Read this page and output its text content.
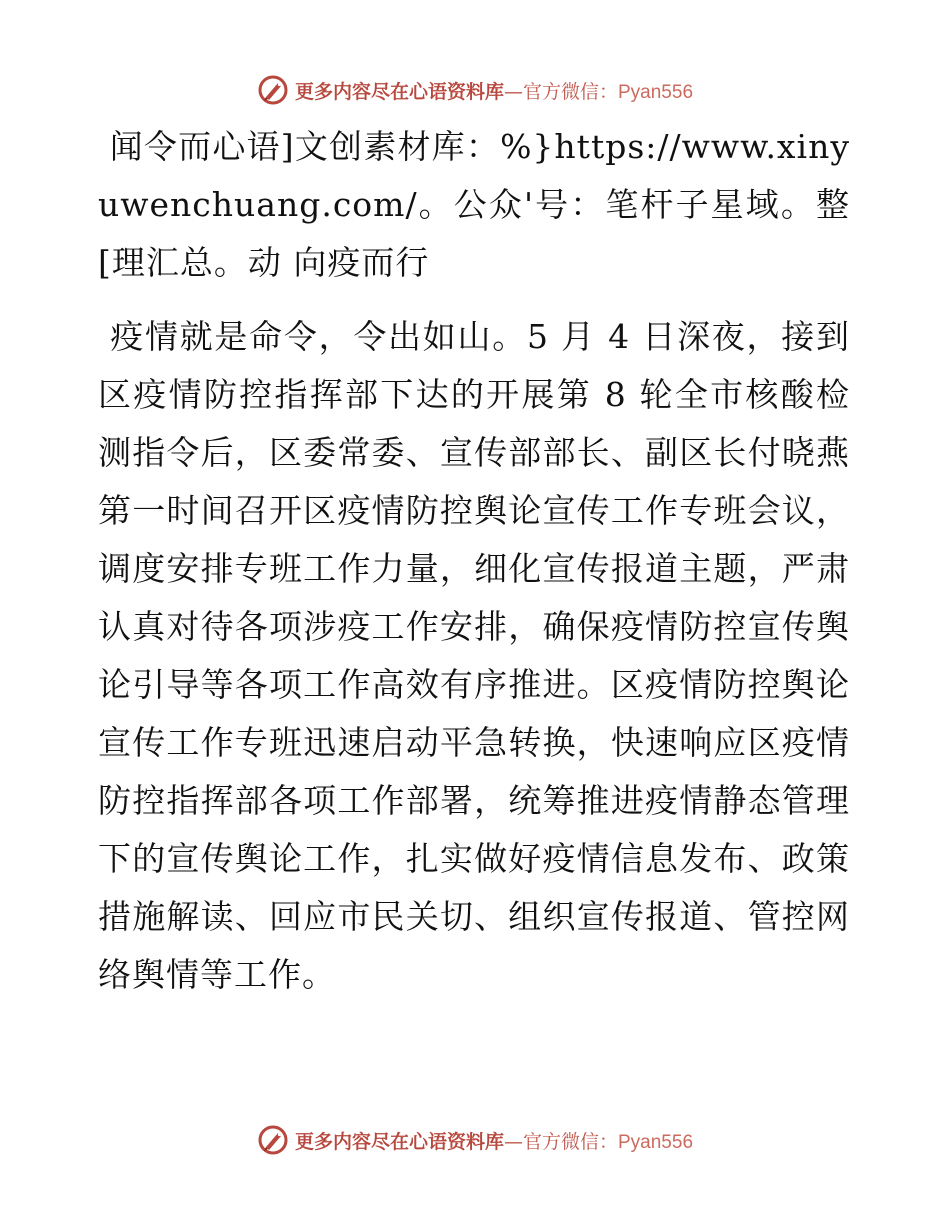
更多内容尽在心语资料库—官方微信：Pyan556

闻令而心语]文创素材库：%}https://www.xinyuwenchuang.com/。公众'号：笔杆子星域。整[理汇总。动 向疫而行

疫情就是命令，令出如山。5 月 4 日深夜，接到区疫情防控指挥部下达的开展第 8 轮全市核酸检测指令后，区委常委、宣传部部长、副区长付晓燕第一时间召开区疫情防控舆论宣传工作专班会议，调度安排专班工作力量，细化宣传报道主题，严肃认真对待各项涉疫工作安排，确保疫情防控宣传舆论引导等各项工作高效有序推进。区疫情防控舆论宣传工作专班迅速启动平急转换，快速响应区疫情防控指挥部各项工作部署，统筹推进疫情静态管理下的宣传舆论工作，扎实做好疫情信息发布、政策措施解读、回应市民关切、组织宣传报道、管控网络舆情等工作。

更多内容尽在心语资料库—官方微信：Pyan556
